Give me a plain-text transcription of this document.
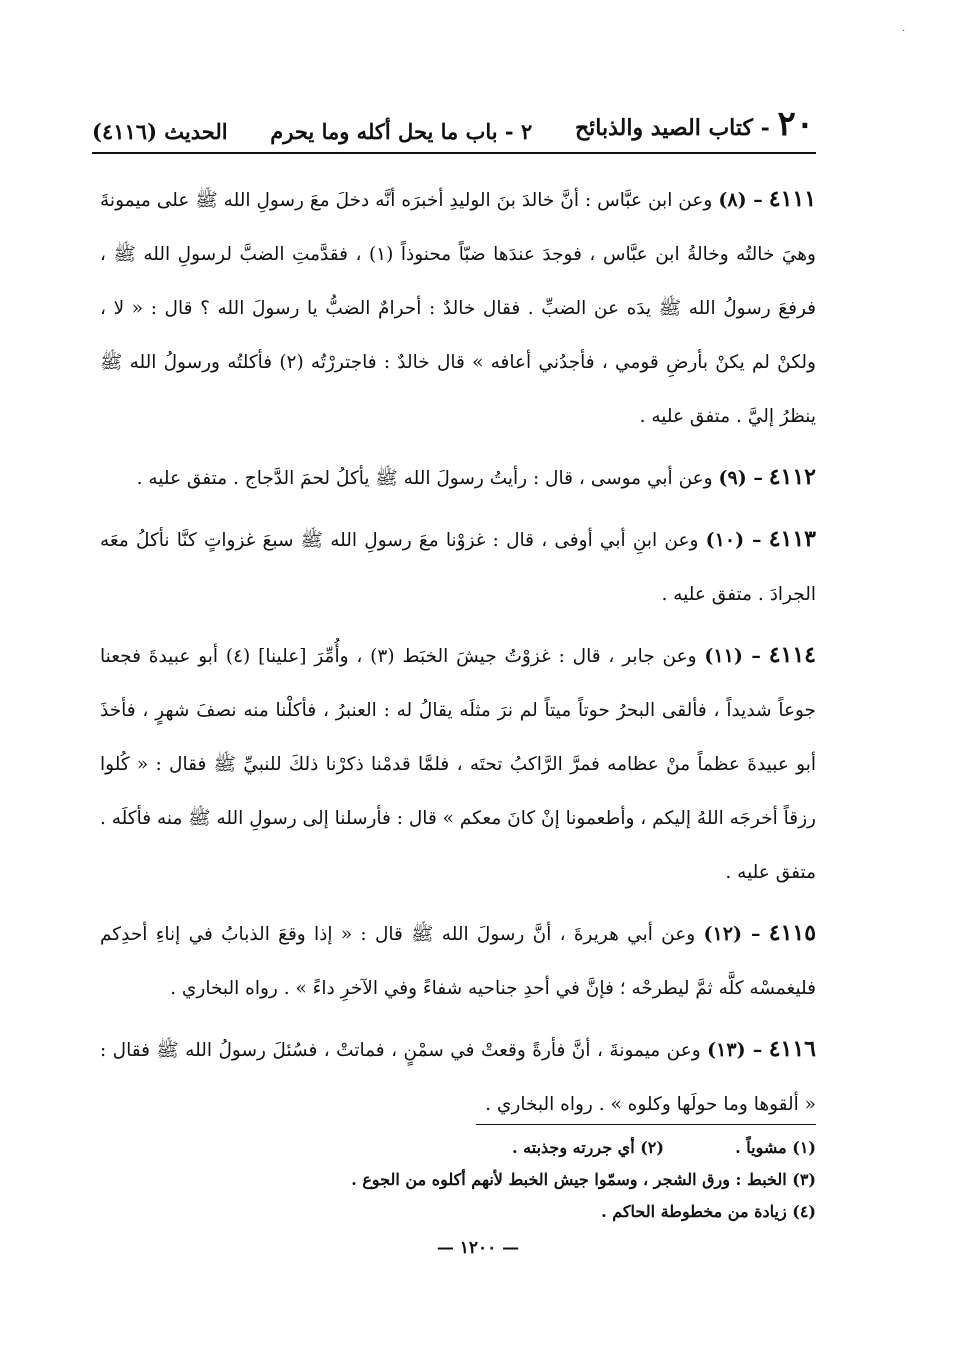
·
٢٠ - كتاب الصيد والذبائح
٢ - باب ما يحل أكله وما يحرم
الحديث (٤١١٦)

٤١١١ – (٨) وعن ابن عبَّاس : أنَّ خالدَ بنَ الوليدِ أخبرَه أنَّه دخلَ معَ رسولِ الله ﷺ على ميمونةَ وهيَ خالتُه وخالةُ ابن عبَّاس ، فوجدَ عندَها ضبّاً محنوذاً (١) ، فقدَّمتِ الضبَّ لرسولِ الله ﷺ ، فرفعَ رسولُ الله ﷺ يدَه عن الضبِّ . فقال خالدٌ : أحرامٌ الضبُّ يا رسولَ الله ؟ قال : « لا ، ولكنْ لم يكنْ بأرضِ قومي ، فأجدُني أعافه » قال خالدٌ : فاجتررْتُه (٢) فأكلتُه ورسولُ الله ﷺ ينظرُ إليَّ . متفق عليه .

٤١١٢ – (٩) وعن أبي موسى ، قال : رأيتُ رسولَ الله ﷺ يأكلُ لحمَ الدَّجاج . متفق عليه .

٤١١٣ – (١٠) وعن ابنِ أبي أوفى ، قال : غزوْنا معَ رسولِ الله ﷺ سبعَ غزواتٍ كنَّا نأكلُ معَه الجرادَ . متفق عليه .

٤١١٤ – (١١) وعن جابر ، قال : غزوْتُ جيشَ الخبَط (٣) ، وأُمِّرَ [علينا] (٤) أبو عبيدةَ فجعنا جوعاً شديداً ، فألقى البحرُ حوتاً ميتاً لم نرَ مثلَه يقالُ له : العنبرُ ، فأكلْنا منه نصفَ شهرٍ ، فأخذَ أبو عبيدةَ عظماً منْ عظامه فمرَّ الرَّاكبُ تحتَه ، فلمَّا قدمْنا ذكرْنا ذلكَ للنبيِّ ﷺ فقال : « كُلوا رزقاً أخرجَه اللهُ إليكم ، وأطعمونا إنْ كانَ معكم » قال : فأرسلنا إلى رسولِ الله ﷺ منه فأكلَه . متفق عليه .

٤١١٥ – (١٢) وعن أبي هريرةَ ، أنَّ رسولَ الله ﷺ قال : « إذا وقعَ الذبابُ في إناءِ أحدِكم فليغمسْه كلَّه ثمَّ ليطرحْه ؛ فإنَّ في أحدِ جناحيه شفاءً وفي الآخرِ داءً » . رواه البخاري .

٤١١٦ – (١٣) وعن ميمونةَ ، أنَّ فأرةً وقعتْ في سمْنٍ ، فماتتْ ، فسُئلَ رسولُ الله ﷺ فقال : « ألقوها وما حولَها وكلوه » . رواه البخاري .

(١) مشوياً .  (٢) أي جررته وجذبته .
(٣) الخبط : ورق الشجر ، وسمّوا جيش الخبط لأنهم أكلوه من الجوع .
(٤) زيادة من مخطوطة الحاكم .
— ١٢٠٠ —
